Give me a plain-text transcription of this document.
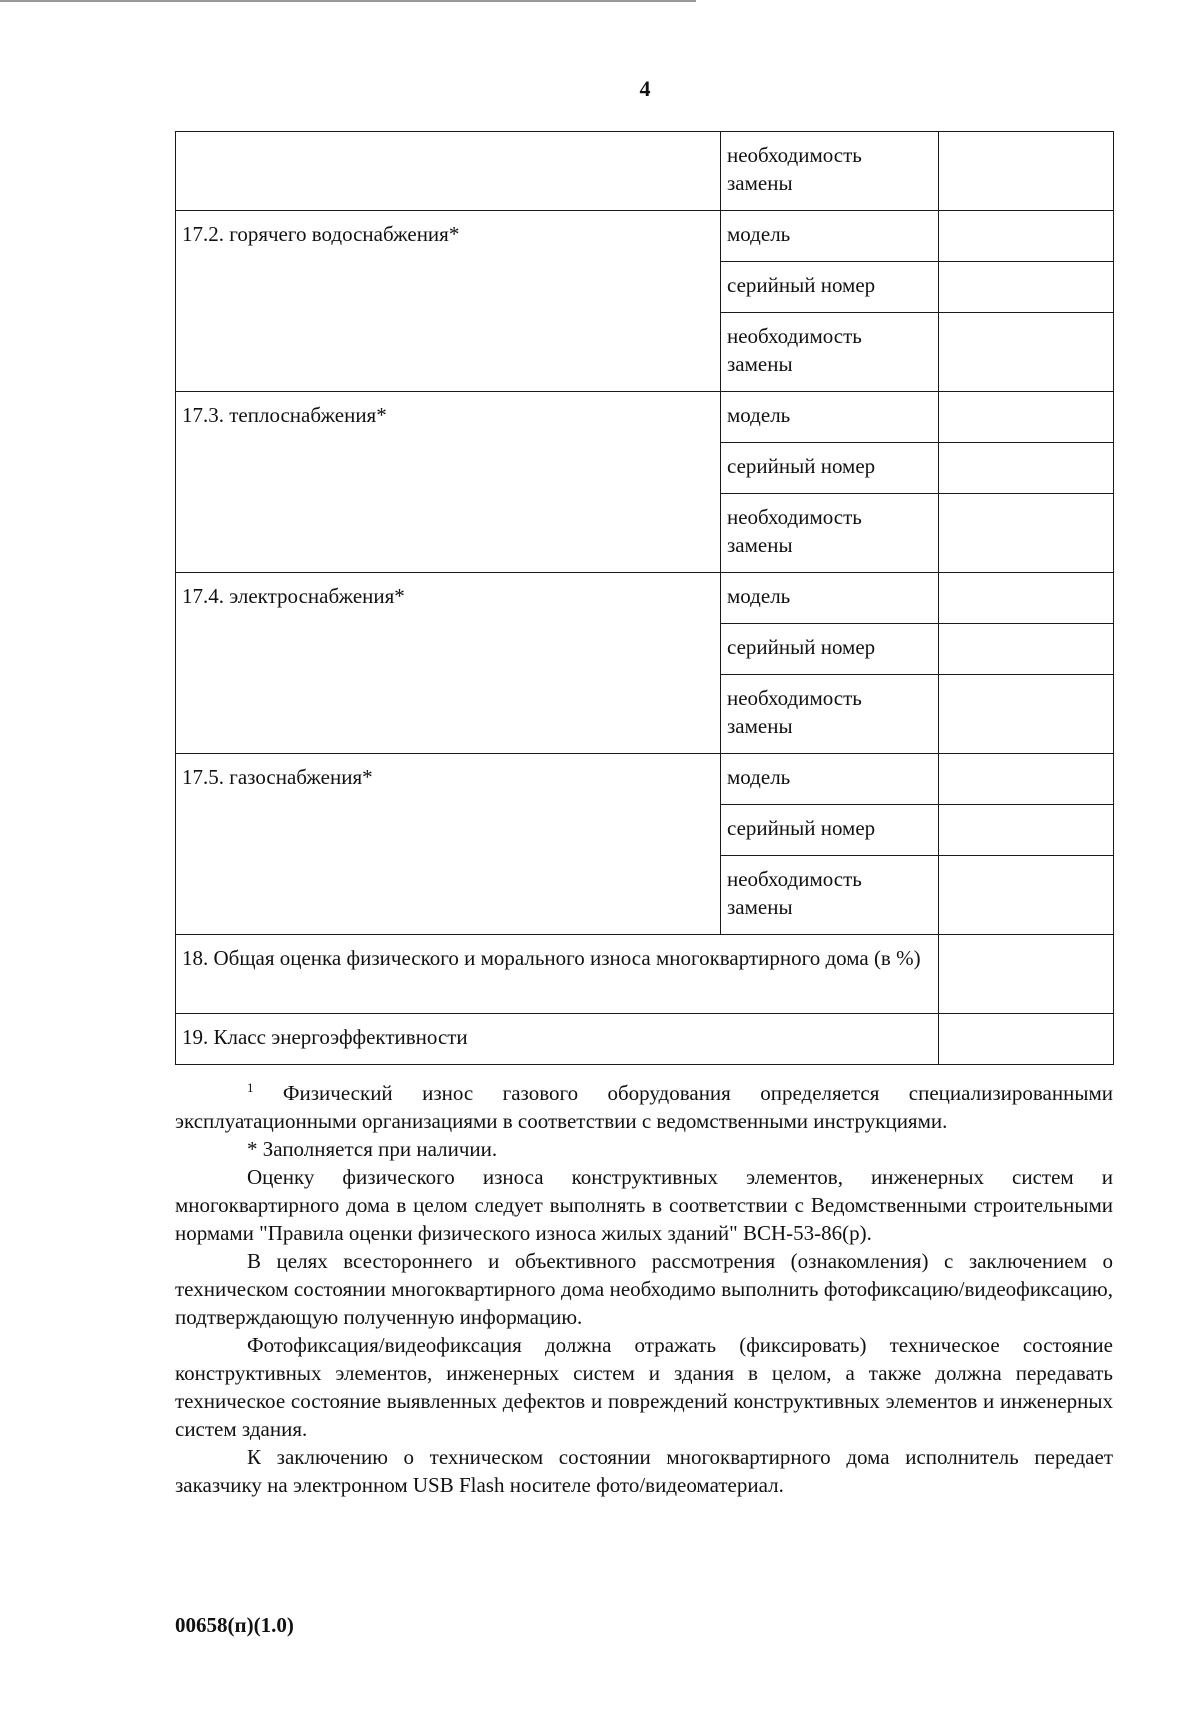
4
	необходимость замены	
17.2. горячего водоснабжения*	модель	
	серийный номер	
	необходимость замены	
17.3. теплоснабжения*	модель	
	серийный номер	
	необходимость замены	
17.4. электроснабжения*	модель	
	серийный номер	
	необходимость замены	
17.5. газоснабжения*	модель	
	серийный номер	
	необходимость замены	
18. Общая оценка физического и морального износа многоквартирного дома (в %)		
19. Класс энергоэффективности		

$^1$ Физический износ газового оборудования определяется специализированными эксплуатационными организациями в соответствии с ведомственными инструкциями.

* Заполняется при наличии.

Оценку физического износа конструктивных элементов, инженерных систем и многоквартирного дома в целом следует выполнять в соответствии с Ведомственными строительными нормами "Правила оценки физического износа жилых зданий" ВСН-53-86(р).

В целях всестороннего и объективного рассмотрения (ознакомления) с заключением о техническом состоянии многоквартирного дома необходимо выполнить фотофиксацию/видеофиксацию, подтверждающую полученную информацию.

Фотофиксация/видеофиксация должна отражать (фиксировать) техническое состояние конструктивных элементов, инженерных систем и здания в целом, а также должна передавать техническое состояние выявленных дефектов и повреждений конструктивных элементов и инженерных систем здания.

К заключению о техническом состоянии многоквартирного дома исполнитель передает заказчику на электронном USB Flash носителе фото/видеоматериал.

00658(п)(1.0)
